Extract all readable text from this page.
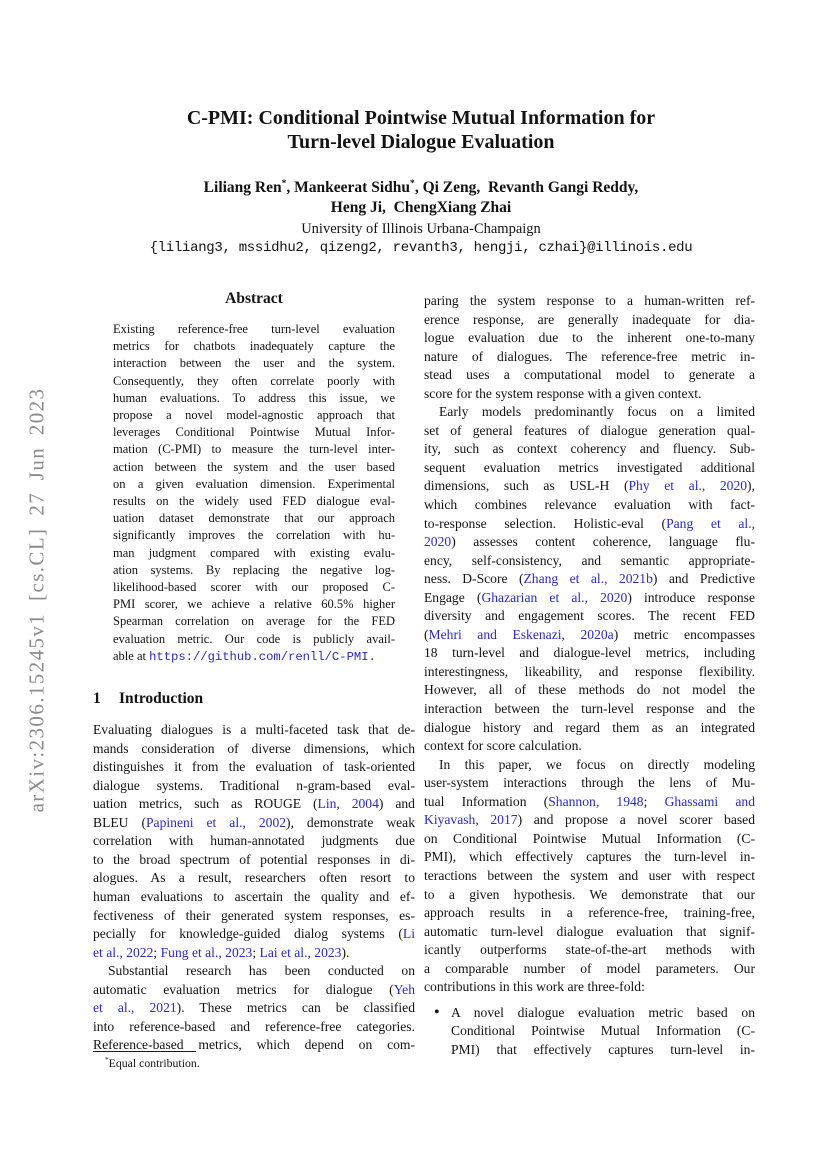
arXiv:2306.15245v1 [cs.CL] 27 Jun 2023
C-PMI: Conditional Pointwise Mutual Information for
Turn-level Dialogue Evaluation
Liliang Ren*, Mankeerat Sidhu*, Qi Zeng, Revanth Gangi Reddy,
Heng Ji, ChengXiang Zhai
University of Illinois Urbana-Champaign
{liliang3, mssidhu2, qizeng2, revanth3, hengji, czhai}@illinois.edu
Abstract
Existing reference-free turn-level evaluation
metrics for chatbots inadequately capture the
interaction between the user and the system.
Consequently, they often correlate poorly with
human evaluations. To address this issue, we
propose a novel model-agnostic approach that
leverages Conditional Pointwise Mutual Infor-
mation (C-PMI) to measure the turn-level inter-
action between the system and the user based
on a given evaluation dimension. Experimental
results on the widely used FED dialogue eval-
uation dataset demonstrate that our approach
significantly improves the correlation with hu-
man judgment compared with existing evalu-
ation systems. By replacing the negative log-
likelihood-based scorer with our proposed C-
PMI scorer, we achieve a relative 60.5% higher
Spearman correlation on average for the FED
evaluation metric. Our code is publicly avail-
able at https://github.com/renll/C-PMI.
1	Introduction
Evaluating dialogues is a multi-faceted task that de-
mands consideration of diverse dimensions, which
distinguishes it from the evaluation of task-oriented
dialogue systems. Traditional n-gram-based eval-
uation metrics, such as ROUGE (Lin, 2004) and
BLEU (Papineni et al., 2002), demonstrate weak
correlation with human-annotated judgments due
to the broad spectrum of potential responses in di-
alogues. As a result, researchers often resort to
human evaluations to ascertain the quality and ef-
fectiveness of their generated system responses, es-
pecially for knowledge-guided dialog systems (Li
et al., 2022; Fung et al., 2023; Lai et al., 2023).
Substantial research has been conducted on
automatic evaluation metrics for dialogue (Yeh
et al., 2021). These metrics can be classified
into reference-based and reference-free categories.
Reference-based metrics, which depend on com-
paring the system response to a human-written ref-
erence response, are generally inadequate for dia-
logue evaluation due to the inherent one-to-many
nature of dialogues. The reference-free metric in-
stead uses a computational model to generate a
score for the system response with a given context.
Early models predominantly focus on a limited
set of general features of dialogue generation qual-
ity, such as context coherency and fluency. Sub-
sequent evaluation metrics investigated additional
dimensions, such as USL-H (Phy et al., 2020),
which combines relevance evaluation with fact-
to-response selection. Holistic-eval (Pang et al.,
2020) assesses content coherence, language flu-
ency, self-consistency, and semantic appropriate-
ness. D-Score (Zhang et al., 2021b) and Predictive
Engage (Ghazarian et al., 2020) introduce response
diversity and engagement scores. The recent FED
(Mehri and Eskenazi, 2020a) metric encompasses
18 turn-level and dialogue-level metrics, including
interestingness, likeability, and response flexibility.
However, all of these methods do not model the
interaction between the turn-level response and the
dialogue history and regard them as an integrated
context for score calculation.
In this paper, we focus on directly modeling
user-system interactions through the lens of Mu-
tual Information (Shannon, 1948; Ghassami and
Kiyavash, 2017) and propose a novel scorer based
on Conditional Pointwise Mutual Information (C-
PMI), which effectively captures the turn-level in-
teractions between the system and user with respect
to a given hypothesis. We demonstrate that our
approach results in a reference-free, training-free,
automatic turn-level dialogue evaluation that signif-
icantly outperforms state-of-the-art methods with
a comparable number of model parameters. Our
contributions in this work are three-fold:
• A novel dialogue evaluation metric based on
Conditional Pointwise Mutual Information (C-
PMI) that effectively captures turn-level in-
*Equal contribution.
